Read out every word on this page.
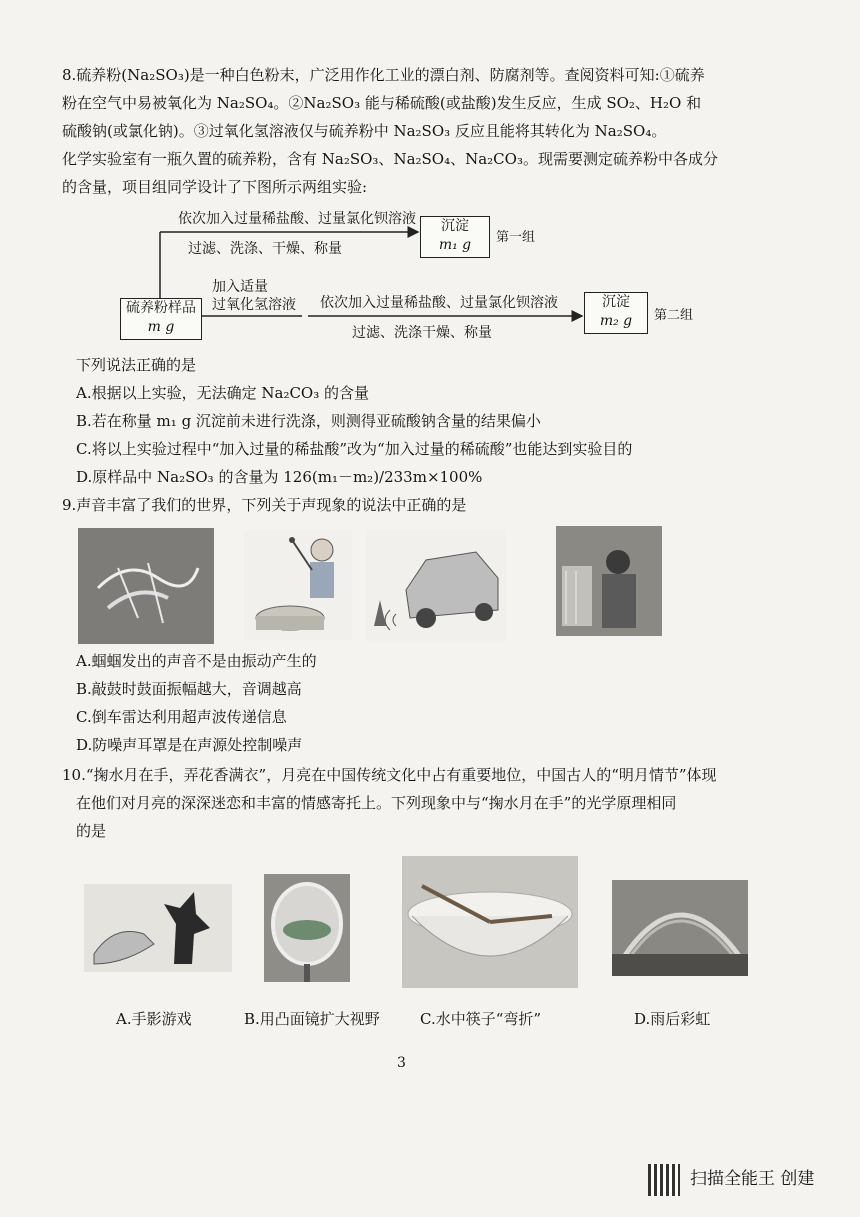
8.硫养粉(Na₂SO₃)是一种白色粉末，广泛用作化工业的漂白剂、防腐剂等。查阅资料可知:①硫养
粉在空气中易被氧化为 Na₂SO₄。②Na₂SO₃ 能与稀硫酸(或盐酸)发生反应，生成 SO₂、H₂O 和
硫酸钠(或氯化钠)。③过氧化氢溶液仅与硫养粉中 Na₂SO₃ 反应且能将其转化为 Na₂SO₄。
化学实验室有一瓶久置的硫养粉，含有 Na₂SO₃、Na₂SO₄、Na₂CO₃。现需要测定硫养粉中各成分
的含量，项目组同学设计了下图所示两组实验:
依次加入过量稀盐酸、过量氯化钡溶液
过滤、洗涤、干燥、称量
沉淀
m₁ g	第一组
硫养粉样品
m g
加入适量
过氧化氢溶液 依次加入过量稀盐酸、过量氯化钡溶液
过滤、洗涤干燥、称量
沉淀
m₂ g	第二组
下列说法正确的是
A.根据以上实验，无法确定 Na₂CO₃ 的含量
B.若在称量 m₁ g 沉淀前未进行洗涤，则测得亚硫酸钠含量的结果偏小
C.将以上实验过程中“加入过量的稀盐酸”改为“加入过量的稀硫酸”也能达到实验目的
D.原样品中 Na₂SO₃ 的含量为 126(m₁－m₂)/233m×100%
9.声音丰富了我们的世界，下列关于声现象的说法中正确的是
A.蝈蝈发出的声音不是由振动产生的
B.敲鼓时鼓面振幅越大，音调越高
C.倒车雷达利用超声波传递信息
D.防噪声耳罩是在声源处控制噪声
10.“掬水月在手，弄花香满衣”，月亮在中国传统文化中占有重要地位，中国古人的“明月情节”体现
在他们对月亮的深深迷恋和丰富的情感寄托上。下列现象中与“掬水月在手”的光学原理相同
的是
A.手影游戏	B.用凸面镜扩大视野	C.水中筷子“弯折”	D.雨后彩虹
3
扫描全能王 创建
